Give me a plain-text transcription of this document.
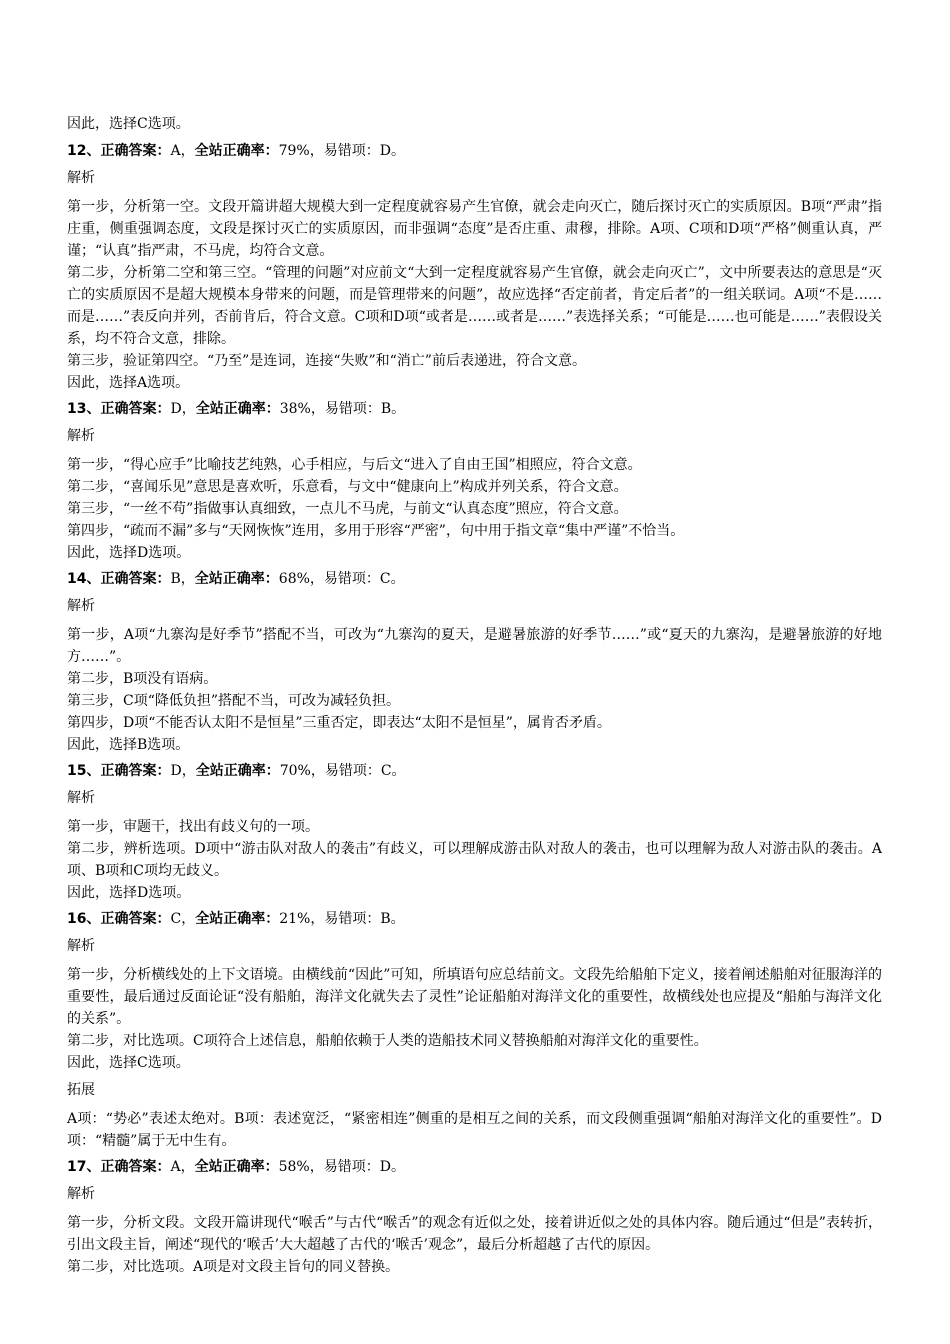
因此，选择C选项。
12、正确答案：A，全站正确率：79%，易错项：D。
解析
第一步，分析第一空。文段开篇讲超大规模大到一定程度就容易产生官僚，就会走向灭亡，随后探讨灭亡的实质原因。B项“严肃”指庄重，侧重强调态度，文段是探讨灭亡的实质原因，而非强调“态度”是否庄重、肃穆，排除。A项、C项和D项“严格”侧重认真，严谨；“认真”指严肃，不马虎，均符合文意。
第二步，分析第二空和第三空。“管理的问题”对应前文“大到一定程度就容易产生官僚，就会走向灭亡”，文中所要表达的意思是“灭亡的实质原因不是超大规模本身带来的问题，而是管理带来的问题”，故应选择“否定前者，肯定后者”的一组关联词。A项“不是……而是……”表反向并列，否前肯后，符合文意。C项和D项“或者是……或者是……”表选择关系；“可能是……也可能是……”表假设关系，均不符合文意，排除。
第三步，验证第四空。“乃至”是连词，连接“失败”和“消亡”前后表递进，符合文意。
因此，选择A选项。
13、正确答案：D，全站正确率：38%，易错项：B。
解析
第一步，“得心应手”比喻技艺纯熟，心手相应，与后文“进入了自由王国”相照应，符合文意。
第二步，“喜闻乐见”意思是喜欢听，乐意看，与文中“健康向上”构成并列关系，符合文意。
第三步，“一丝不苟”指做事认真细致，一点儿不马虎，与前文“认真态度”照应，符合文意。
第四步，“疏而不漏”多与“天网恢恢”连用，多用于形容“严密”，句中用于指文章“集中严谨”不恰当。
因此，选择D选项。
14、正确答案：B，全站正确率：68%，易错项：C。
解析
第一步，A项“九寨沟是好季节”搭配不当，可改为“九寨沟的夏天，是避暑旅游的好季节……”或“夏天的九寨沟，是避暑旅游的好地方……”。
第二步，B项没有语病。
第三步，C项“降低负担”搭配不当，可改为减轻负担。
第四步，D项“不能否认太阳不是恒星”三重否定，即表达“太阳不是恒星”，属肯否矛盾。
因此，选择B选项。
15、正确答案：D，全站正确率：70%，易错项：C。
解析
第一步，审题干，找出有歧义句的一项。
第二步，辨析选项。D项中“游击队对敌人的袭击”有歧义，可以理解成游击队对敌人的袭击，也可以理解为敌人对游击队的袭击。A项、B项和C项均无歧义。
因此，选择D选项。
16、正确答案：C，全站正确率：21%，易错项：B。
解析
第一步，分析横线处的上下文语境。由横线前“因此”可知，所填语句应总结前文。文段先给船舶下定义，接着阐述船舶对征服海洋的重要性，最后通过反面论证“没有船舶，海洋文化就失去了灵性”论证船舶对海洋文化的重要性，故横线处也应提及“船舶与海洋文化的关系”。
第二步，对比选项。C项符合上述信息，船舶依赖于人类的造船技术同义替换船舶对海洋文化的重要性。
因此，选择C选项。
拓展
A项：“势必”表述太绝对。B项：表述宽泛，“紧密相连”侧重的是相互之间的关系，而文段侧重强调“船舶对海洋文化的重要性”。D项：“精髓”属于无中生有。
17、正确答案：A，全站正确率：58%，易错项：D。
解析
第一步，分析文段。文段开篇讲现代“喉舌”与古代“喉舌”的观念有近似之处，接着讲近似之处的具体内容。随后通过“但是”表转折，引出文段主旨，阐述“现代的‘喉舌’大大超越了古代的‘喉舌’观念”，最后分析超越了古代的原因。
第二步，对比选项。A项是对文段主旨句的同义替换。
